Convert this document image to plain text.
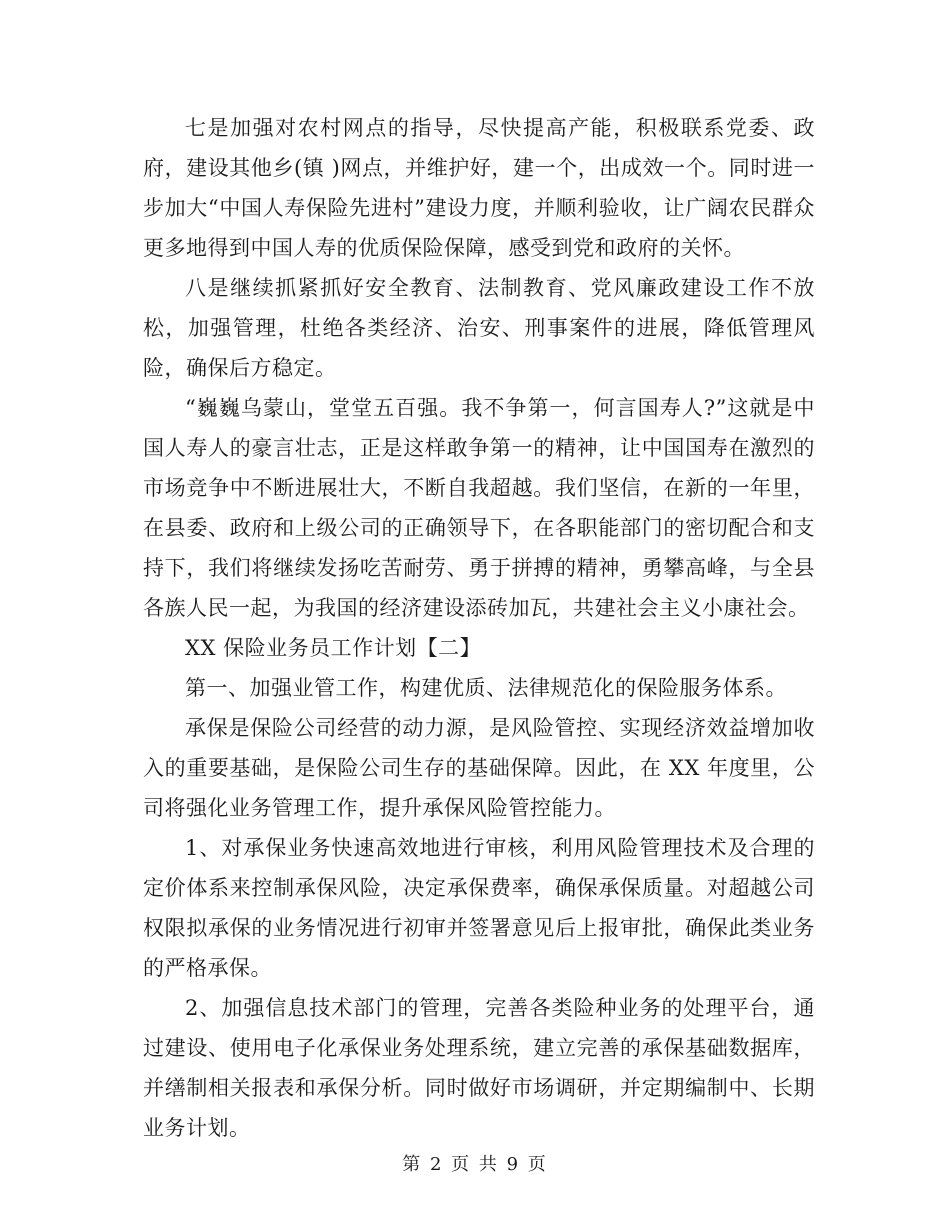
七是加强对农村网点的指导，尽快提高产能，积极联系党委、政府，建设其他乡(镇 )网点，并维护好，建一个，出成效一个。同时进一步加大“中国人寿保险先进村”建设力度，并顺利验收，让广阔农民群众更多地得到中国人寿的优质保险保障，感受到党和政府的关怀。

八是继续抓紧抓好安全教育、法制教育、党风廉政建设工作不放松，加强管理，杜绝各类经济、治安、刑事案件的进展，降低管理风险，确保后方稳定。

“巍巍乌蒙山，堂堂五百强。我不争第一，何言国寿人?”这就是中国人寿人的豪言壮志，正是这样敢争第一的精神，让中国国寿在激烈的市场竞争中不断进展壮大，不断自我超越。我们坚信，在新的一年里，在县委、政府和上级公司的正确领导下，在各职能部门的密切配合和支持下，我们将继续发扬吃苦耐劳、勇于拼搏的精神，勇攀高峰，与全县各族人民一起，为我国的经济建设添砖加瓦，共建社会主义小康社会。

XX 保险业务员工作计划【二】

第一、加强业管工作，构建优质、法律规范化的保险服务体系。

承保是保险公司经营的动力源，是风险管控、实现经济效益增加收入的重要基础，是保险公司生存的基础保障。因此，在 XX 年度里，公司将强化业务管理工作，提升承保风险管控能力。

1、对承保业务快速高效地进行审核，利用风险管理技术及合理的定价体系来控制承保风险，决定承保费率，确保承保质量。对超越公司权限拟承保的业务情况进行初审并签署意见后上报审批，确保此类业务的严格承保。

2、加强信息技术部门的管理，完善各类险种业务的处理平台，通过建设、使用电子化承保业务处理系统，建立完善的承保基础数据库，并缮制相关报表和承保分析。同时做好市场调研，并定期编制中、长期业务计划。

第 2 页 共 9 页
